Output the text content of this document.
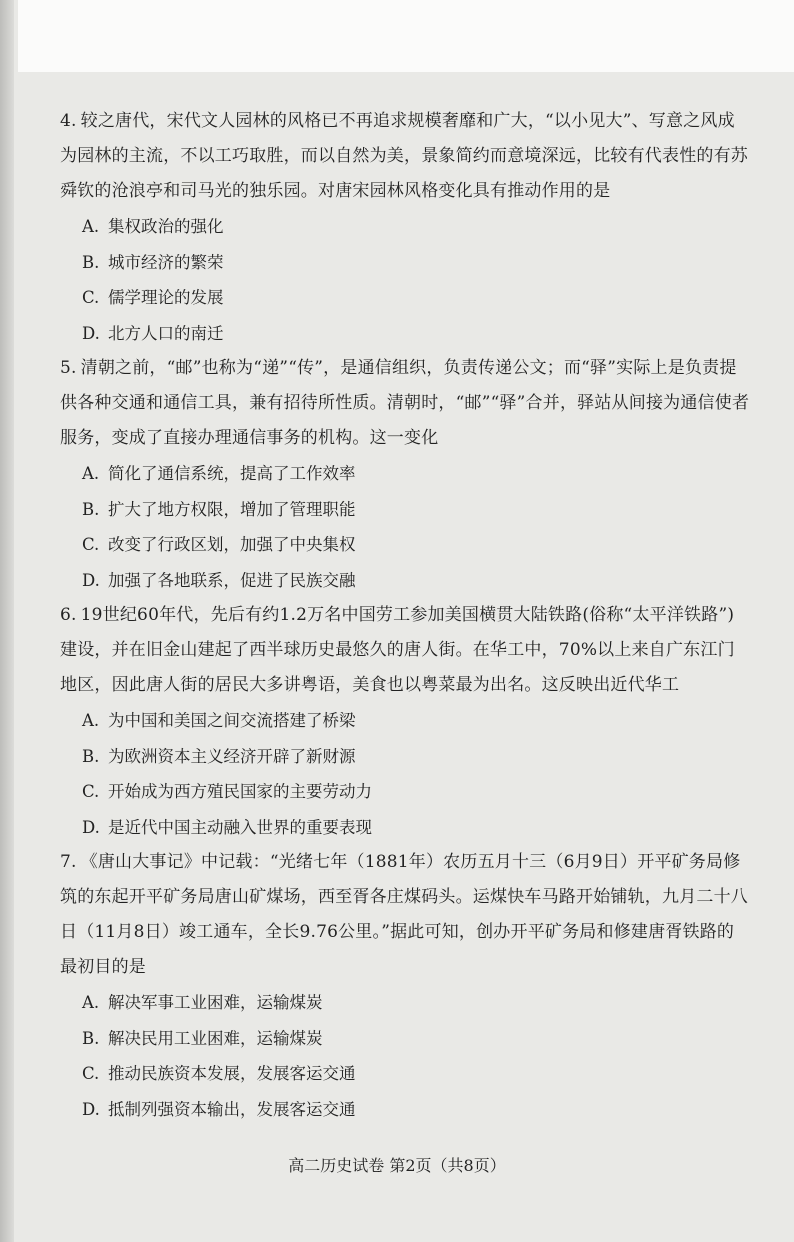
4. 较之唐代，宋代文人园林的风格已不再追求规模奢靡和广大，“以小见大”、写意之风成为园林的主流，不以工巧取胜，而以自然为美，景象简约而意境深远，比较有代表性的有苏舜钦的沧浪亭和司马光的独乐园。对唐宋园林风格变化具有推动作用的是

A. 集权政治的强化

B. 城市经济的繁荣

C. 儒学理论的发展

D. 北方人口的南迁

5. 清朝之前，“邮”也称为“递”“传”，是通信组织，负责传递公文；而“驿”实际上是负责提供各种交通和通信工具，兼有招待所性质。清朝时，“邮”“驿”合并，驿站从间接为通信使者服务，变成了直接办理通信事务的机构。这一变化

A. 简化了通信系统，提高了工作效率

B. 扩大了地方权限，增加了管理职能

C. 改变了行政区划，加强了中央集权

D. 加强了各地联系，促进了民族交融

6. 19世纪60年代，先后有约1.2万名中国劳工参加美国横贯大陆铁路(俗称“太平洋铁路”)建设，并在旧金山建起了西半球历史最悠久的唐人街。在华工中，70%以上来自广东江门地区，因此唐人街的居民大多讲粤语，美食也以粤菜最为出名。这反映出近代华工

A. 为中国和美国之间交流搭建了桥梁

B. 为欧洲资本主义经济开辟了新财源

C. 开始成为西方殖民国家的主要劳动力

D. 是近代中国主动融入世界的重要表现

7. 《唐山大事记》中记载：“光绪七年（1881年）农历五月十三（6月9日）开平矿务局修筑的东起开平矿务局唐山矿煤场，西至胥各庄煤码头。运煤快车马路开始铺轨，九月二十八日（11月8日）竣工通车，全长9.76公里。”据此可知，创办开平矿务局和修建唐胥铁路的最初目的是

A. 解决军事工业困难，运输煤炭

B. 解决民用工业困难，运输煤炭

C. 推动民族资本发展，发展客运交通

D. 抵制列强资本输出，发展客运交通

高二历史试卷 第2页（共8页）
